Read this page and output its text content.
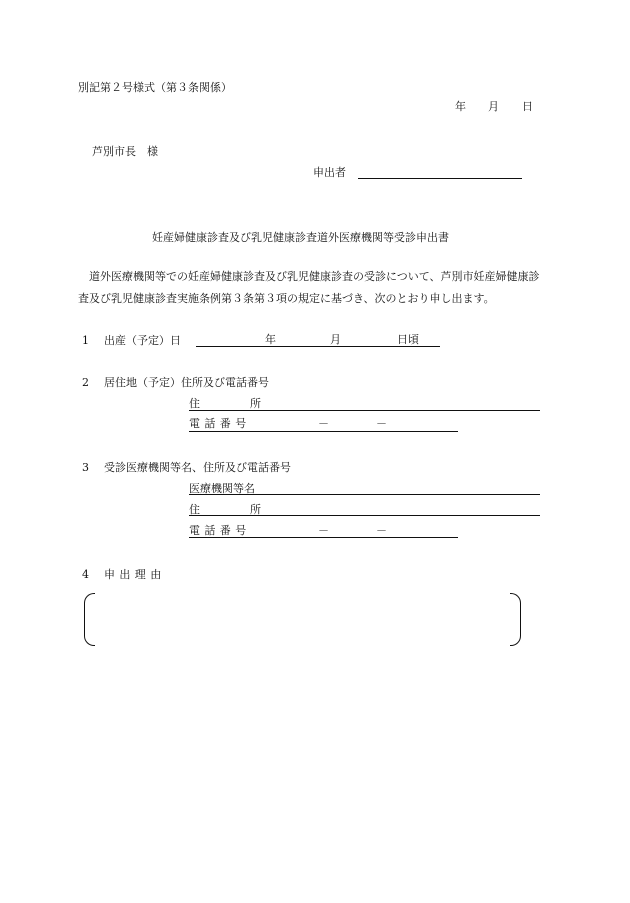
別記第２号様式（第３条関係）
年 月 日
芦別市長　様
申出者
妊産婦健康診査及び乳児健康診査道外医療機関等受診申出書
　道外医療機関等での妊産婦健康診査及び乳児健康診査の受診について、芦別市妊産婦健康診査及び乳児健康診査実施条例第３条第３項の規定に基づき、次のとおり申し出ます。
1 出産（予定）日	年	月	日頃
2 居住地（予定）住所及び電話番号
住	所
電話番号	－	－
3 受診医療機関等名、住所及び電話番号
医療機関等名
住	所
電話番号	－	－
4 申出理由
